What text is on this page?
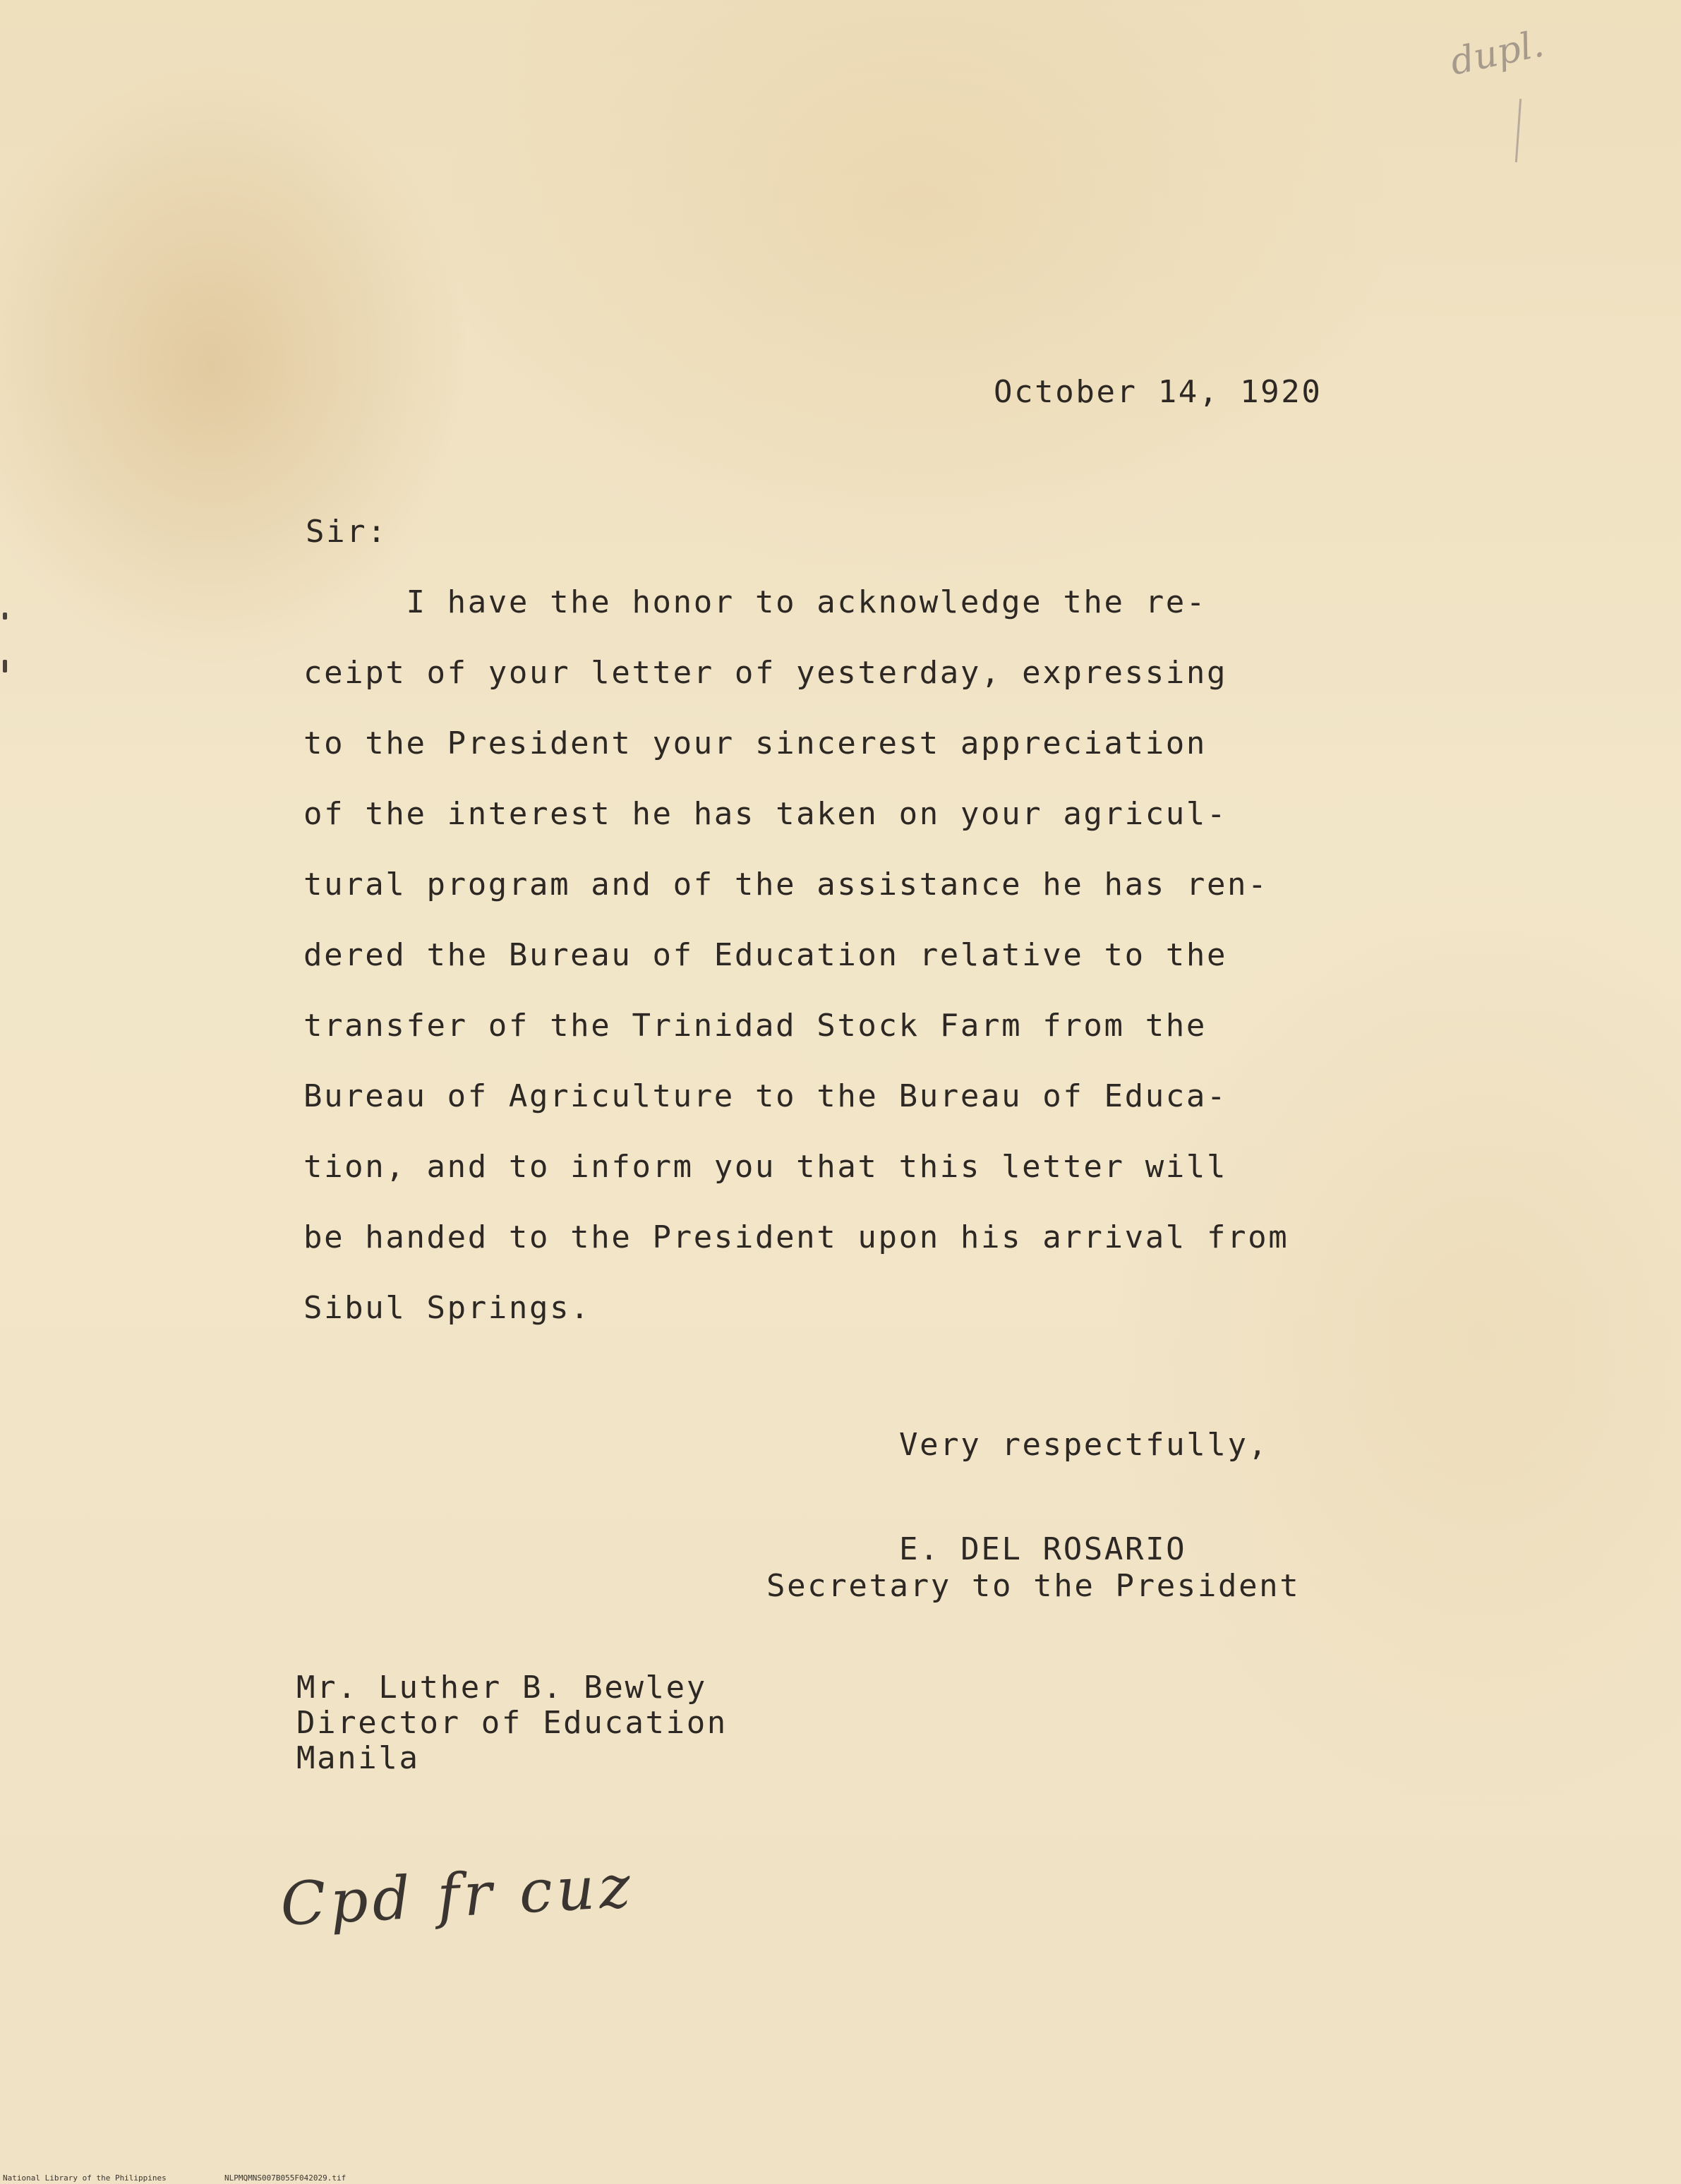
dupl.

October 14, 1920

Sir:

I have the honor to acknowledge the re-

ceipt of your letter of yesterday, expressing

to the President your sincerest appreciation

of the interest he has taken on your agricul-

tural program and of the assistance he has ren-

dered the Bureau of Education relative to the

transfer of the Trinidad Stock Farm from the

Bureau of Agriculture to the Bureau of Educa-

tion, and to inform you that this letter will

be handed to the President upon his arrival from

Sibul Springs.

Very respectfully,

E. DEL ROSARIO

Secretary to the President

Mr. Luther B. Bewley

Director of Education

Manila

Cpd fr cuz

National Library of the Philippines	NLPMQMNS007B055F042029.tif
